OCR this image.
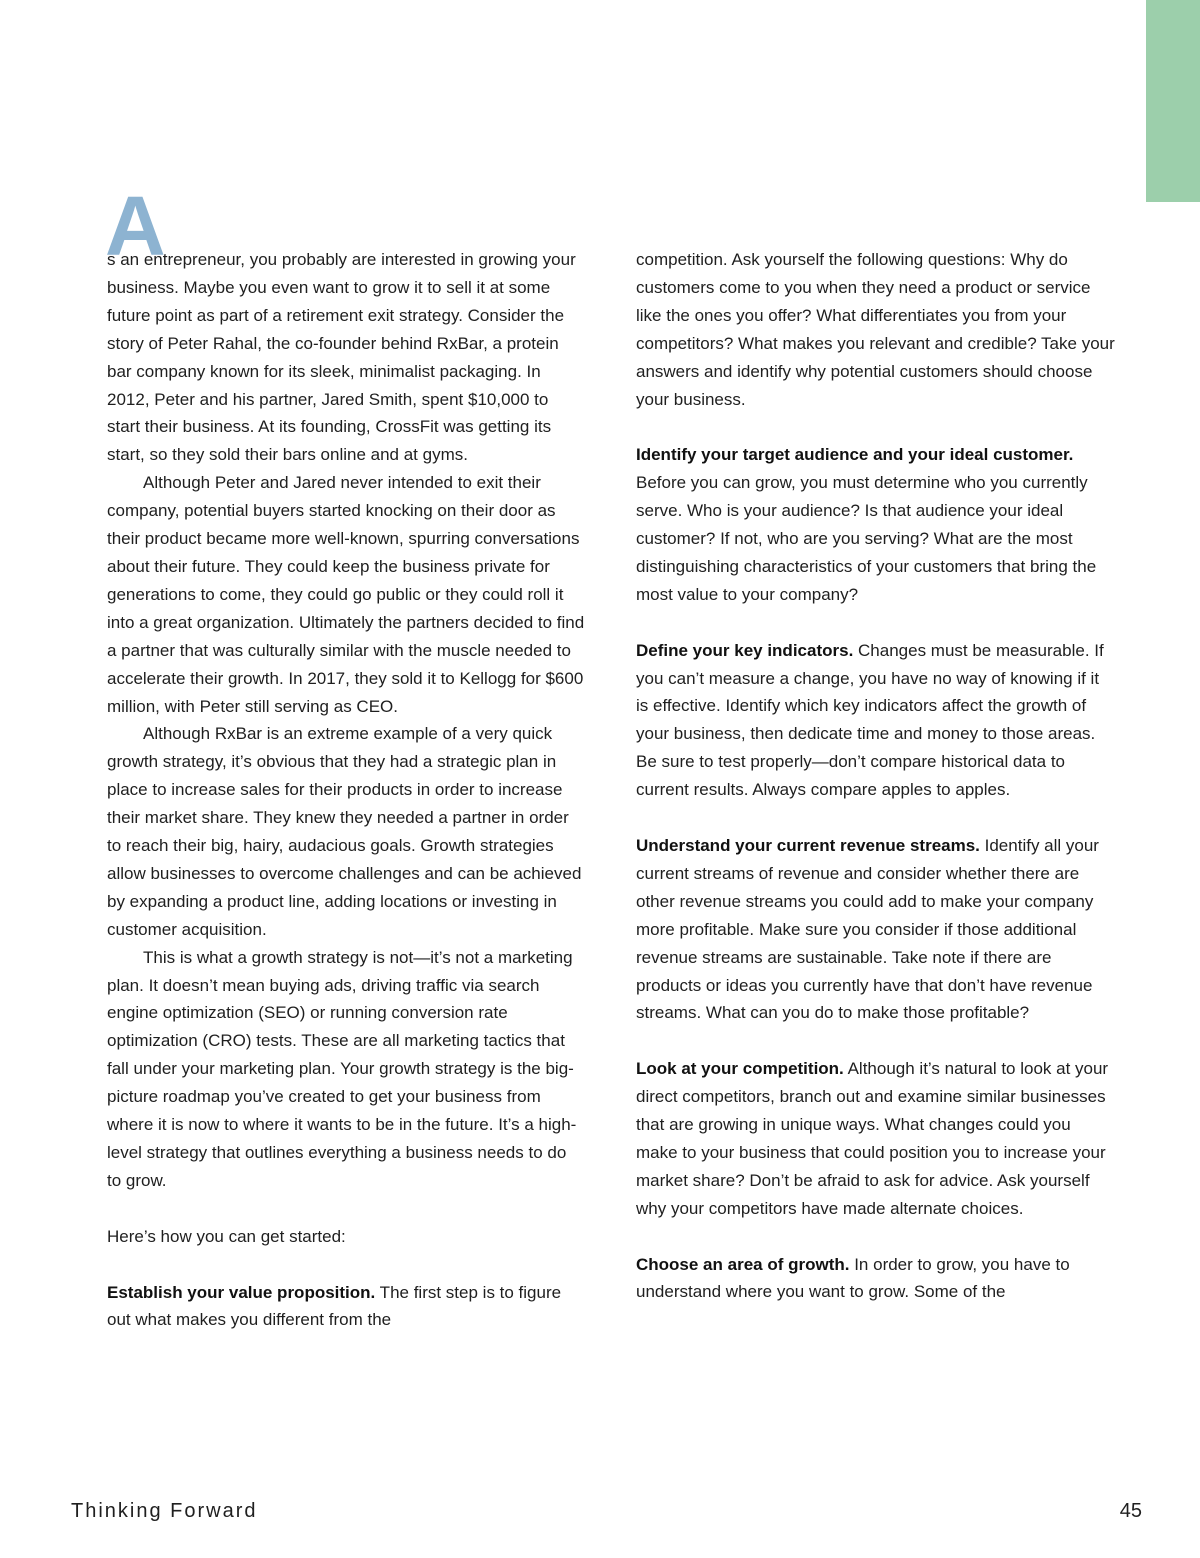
A
s an entrepreneur, you probably are interested in growing your business. Maybe you even want to grow it to sell it at some future point as part of a retirement exit strategy. Consider the story of Peter Rahal, the co-founder behind RxBar, a protein bar company known for its sleek, minimalist packaging. In 2012, Peter and his partner, Jared Smith, spent $10,000 to start their business. At its founding, CrossFit was getting its start, so they sold their bars online and at gyms.

Although Peter and Jared never intended to exit their company, potential buyers started knocking on their door as their product became more well-known, spurring conversations about their future. They could keep the business private for generations to come, they could go public or they could roll it into a great organization. Ultimately the partners decided to find a partner that was culturally similar with the muscle needed to accelerate their growth. In 2017, they sold it to Kellogg for $600 million, with Peter still serving as CEO.

Although RxBar is an extreme example of a very quick growth strategy, it’s obvious that they had a strategic plan in place to increase sales for their products in order to increase their market share. They knew they needed a partner in order to reach their big, hairy, audacious goals. Growth strategies allow businesses to overcome challenges and can be achieved by expanding a product line, adding locations or investing in customer acquisition.

This is what a growth strategy is not—it’s not a marketing plan. It doesn’t mean buying ads, driving traffic via search engine optimization (SEO) or running conversion rate optimization (CRO) tests. These are all marketing tactics that fall under your marketing plan. Your growth strategy is the big-picture roadmap you’ve created to get your business from where it is now to where it wants to be in the future. It’s a high-level strategy that outlines everything a business needs to do to grow.

Here’s how you can get started:

Establish your value proposition. The first step is to figure out what makes you different from the

competition. Ask yourself the following questions: Why do customers come to you when they need a product or service like the ones you offer? What differentiates you from your competitors? What makes you relevant and credible? Take your answers and identify why potential customers should choose your business.

Identify your target audience and your ideal customer. Before you can grow, you must determine who you currently serve. Who is your audience? Is that audience your ideal customer? If not, who are you serving? What are the most distinguishing characteristics of your customers that bring the most value to your company?

Define your key indicators. Changes must be measurable. If you can’t measure a change, you have no way of knowing if it is effective. Identify which key indicators affect the growth of your business, then dedicate time and money to those areas. Be sure to test properly—don’t compare historical data to current results. Always compare apples to apples.

Understand your current revenue streams. Identify all your current streams of revenue and consider whether there are other revenue streams you could add to make your company more profitable. Make sure you consider if those additional revenue streams are sustainable. Take note if there are products or ideas you currently have that don’t have revenue streams. What can you do to make those profitable?

Look at your competition. Although it’s natural to look at your direct competitors, branch out and examine similar businesses that are growing in unique ways. What changes could you make to your business that could position you to increase your market share? Don’t be afraid to ask for advice. Ask yourself why your competitors have made alternate choices.

Choose an area of growth. In order to grow, you have to understand where you want to grow. Some of the

Thinking Forward	45
